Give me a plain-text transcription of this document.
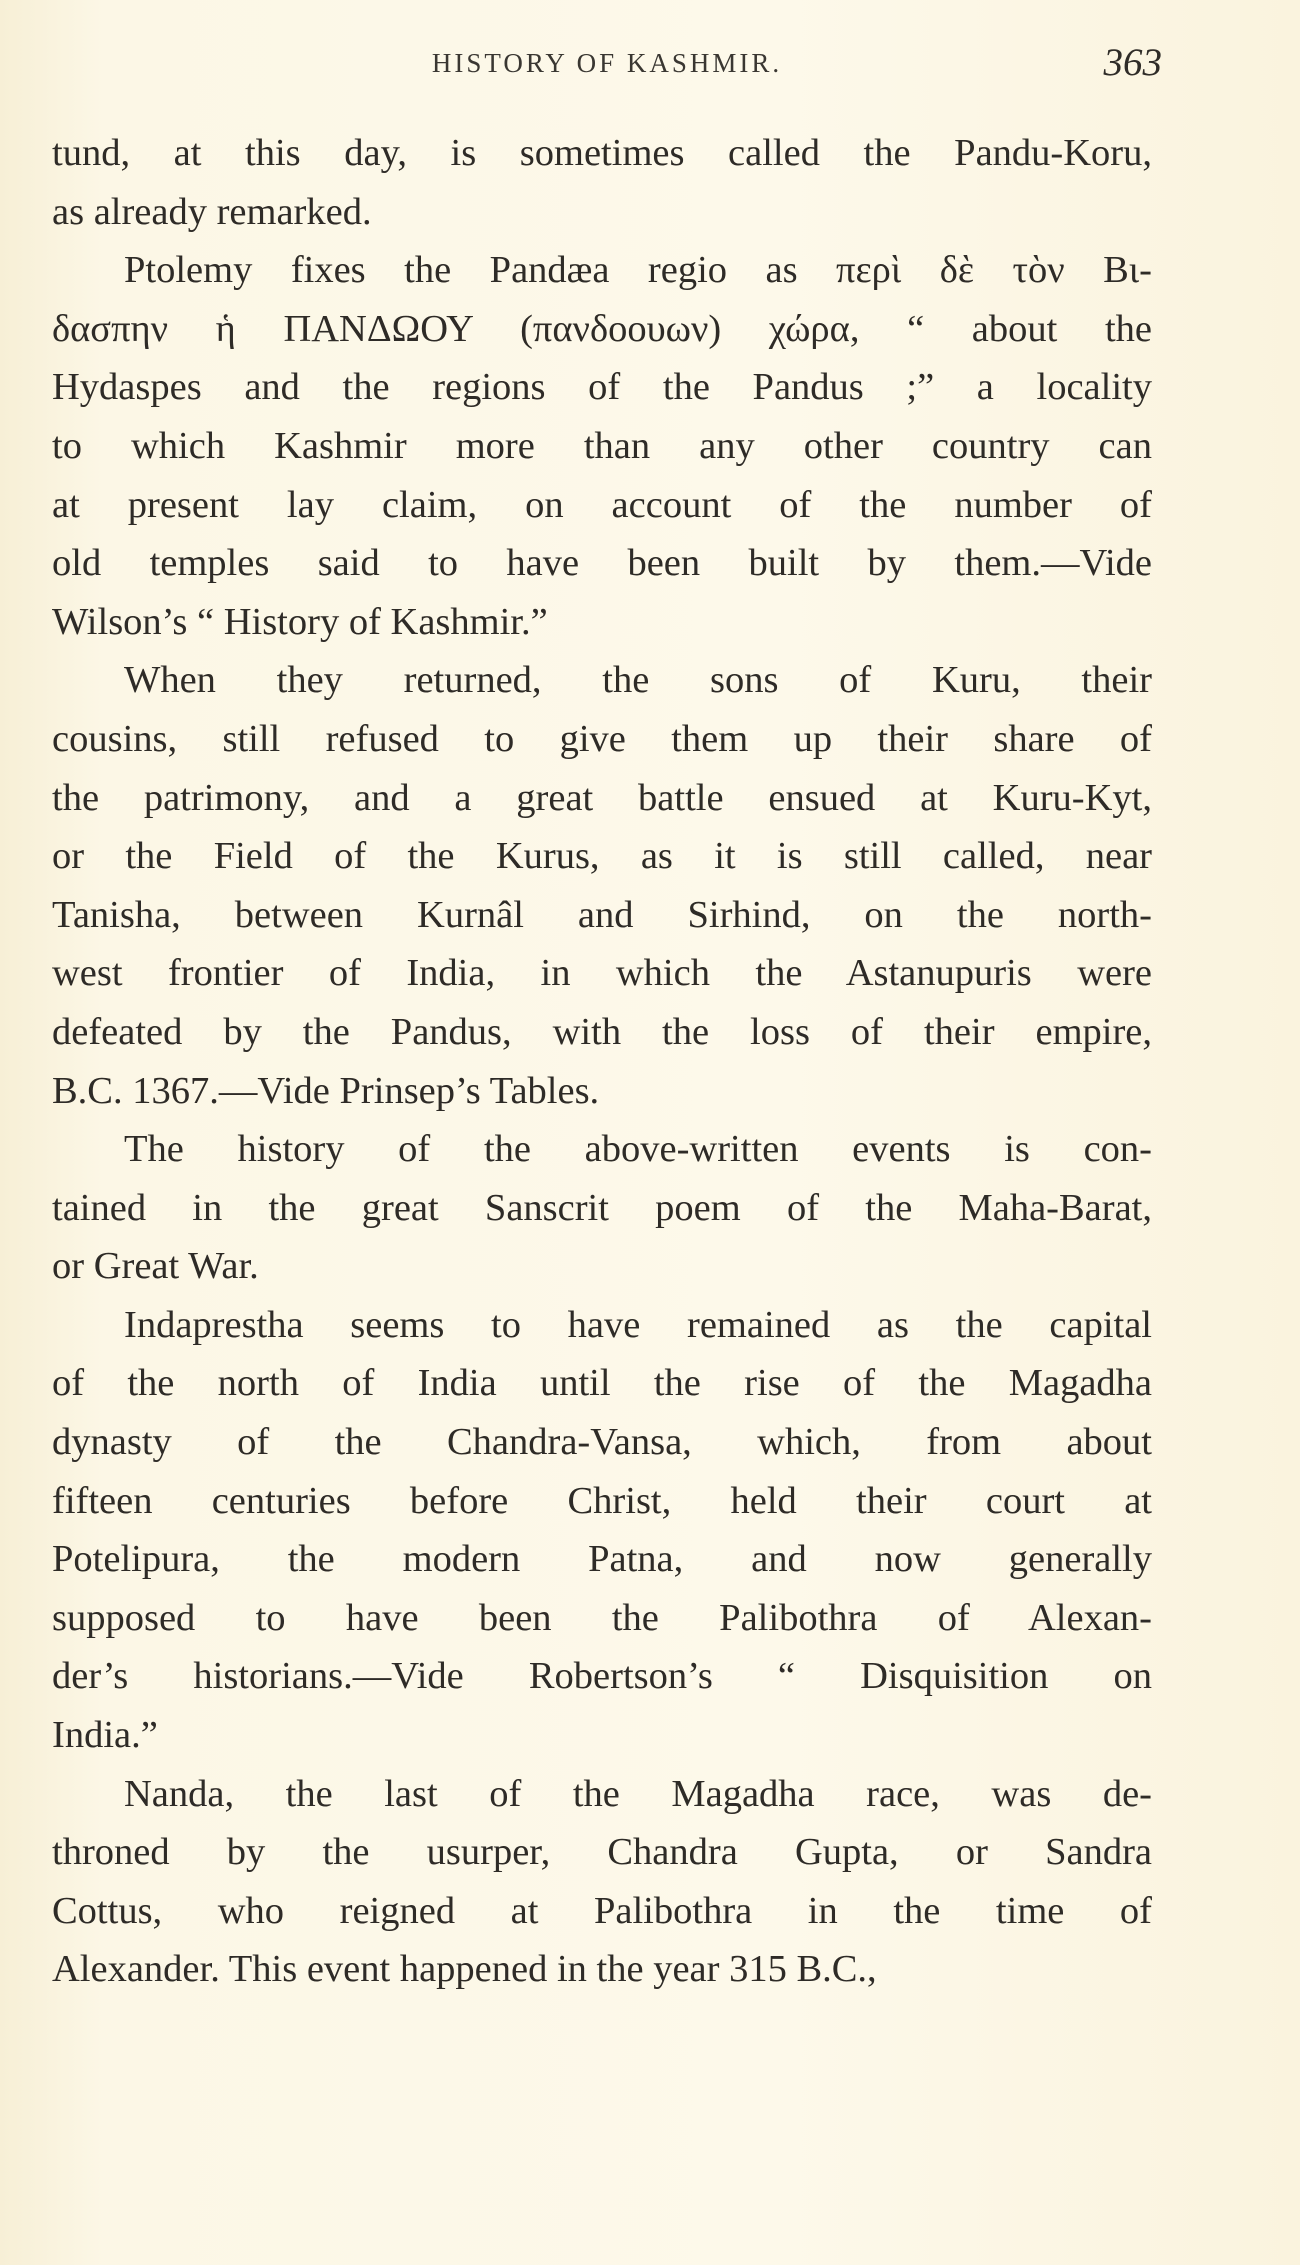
HISTORY OF KASHMIR.	363
tund, at this day, is sometimes called the Pandu-Koru,
as already remarked.
Ptolemy fixes the Pandæa regio as περὶ δὲ τὸν Βι-
δασπην ἡ ΠΑΝΔΩΟΥ (πανδοουων) χώρα, “ about the
Hydaspes and the regions of the Pandus ;” a locality
to which Kashmir more than any other country can
at present lay claim, on account of the number of
old temples said to have been built by them.—Vide
Wilson’s “ History of Kashmir.”
When they returned, the sons of Kuru, their
cousins, still refused to give them up their share of
the patrimony, and a great battle ensued at Kuru-Kyt,
or the Field of the Kurus, as it is still called, near
Tanisha, between Kurnâl and Sirhind, on the north-
west frontier of India, in which the Astanupuris were
defeated by the Pandus, with the loss of their empire,
B.C. 1367.—Vide Prinsep’s Tables.
The history of the above-written events is con-
tained in the great Sanscrit poem of the Maha-Barat,
or Great War.
Indaprestha seems to have remained as the capital
of the north of India until the rise of the Magadha
dynasty of the Chandra-Vansa, which, from about
fifteen centuries before Christ, held their court at
Potelipura, the modern Patna, and now generally
supposed to have been the Palibothra of Alexan-
der’s historians.—Vide Robertson’s “ Disquisition on
India.”
Nanda, the last of the Magadha race, was de-
throned by the usurper, Chandra Gupta, or Sandra
Cottus, who reigned at Palibothra in the time of
Alexander. This event happened in the year 315 B.C.,
